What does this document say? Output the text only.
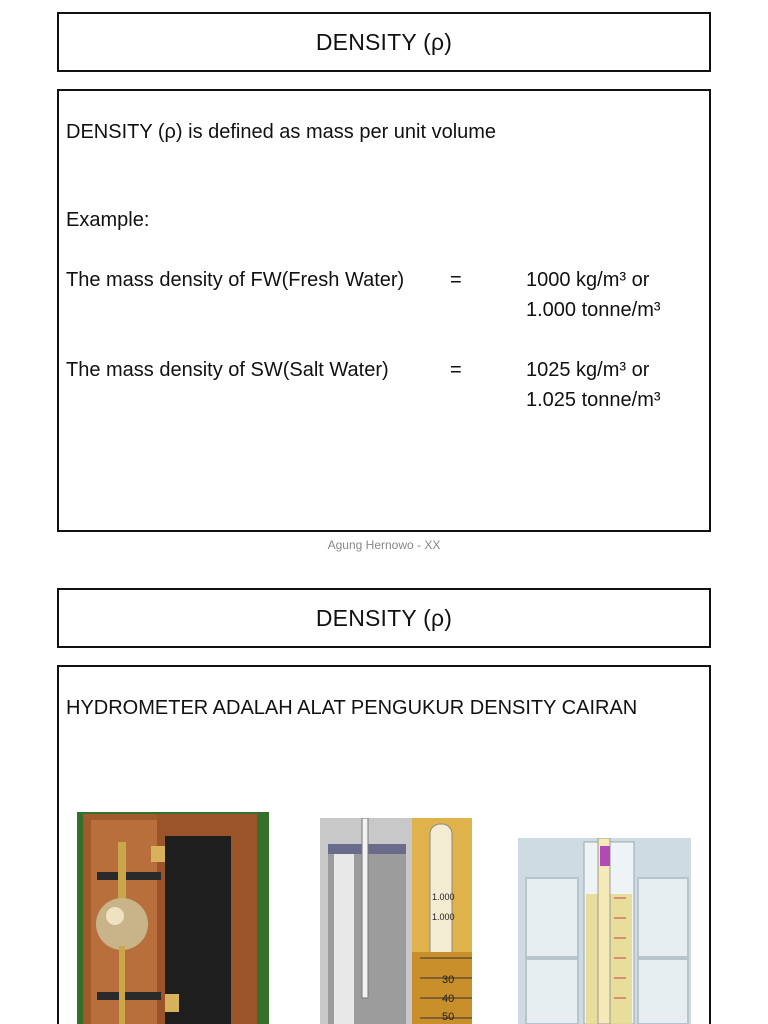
DENSITY (ρ)
DENSITY (ρ) is defined as mass per unit volume
Example:
The mass density of FW(Fresh Water) =	1000 kg/m³ or
1.000 tonne/m³
The mass density of SW(Salt Water)	=	1025 kg/m³ or
1.025 tonne/m³
Agung Hernowo - XX
DENSITY (ρ)
HYDROMETER ADALAH ALAT PENGUKUR DENSITY CAIRAN
1.000
1.000
30
40
50
